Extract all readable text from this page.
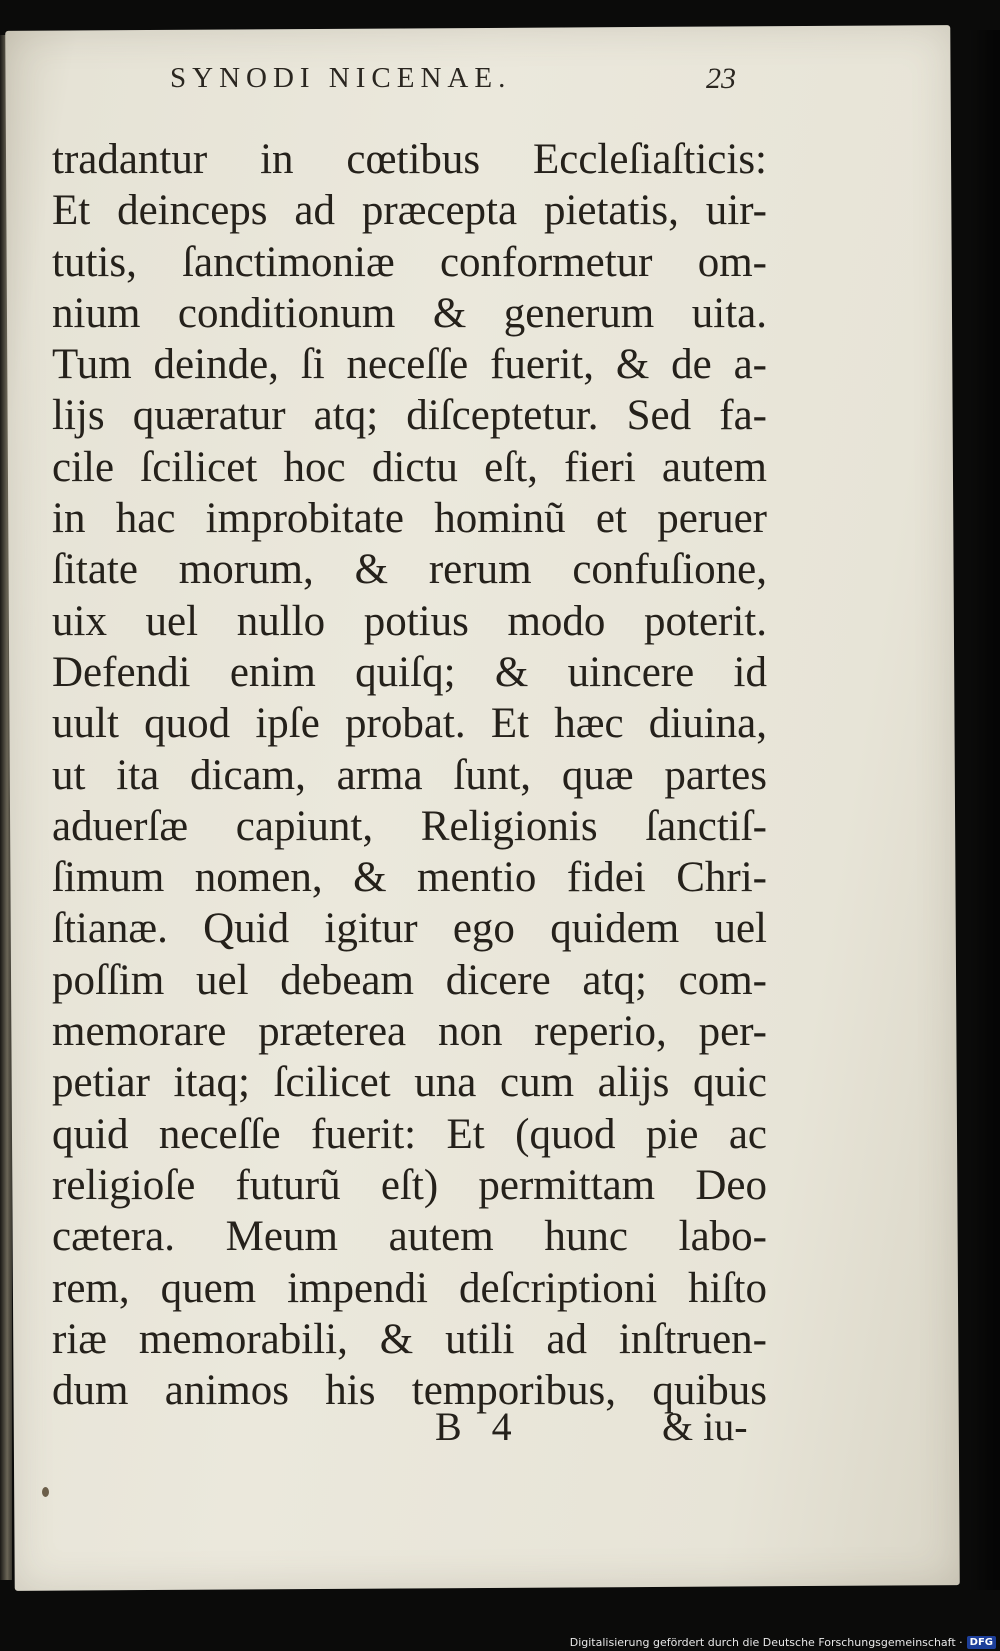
SYNODI NICENAE.	23
tradantur in cœtibus Eccleſiaſticis:
Et deinceps ad præcepta pietatis, uir-
tutis, ſanctimoniæ conformetur om-
nium conditionum & generum uita.
Tum deinde, ſi neceſſe fuerit, & de a-
lijs quæratur atq; diſceptetur. Sed fa-
cile ſcilicet hoc dictu eſt, fieri autem
in hac improbitate hominũ et peruer
ſitate morum, & rerum confuſione,
uix uel nullo potius modo poterit.
Defendi enim quiſq; & uincere id
uult quod ipſe probat. Et hæc diuina,
ut ita dicam, arma ſunt, quæ partes
aduerſæ capiunt, Religionis ſanctiſ-
ſimum nomen, & mentio fidei Chri-
ſtianæ. Quid igitur ego quidem uel
poſſim uel debeam dicere atq; com-
memorare præterea non reperio, per-
petiar itaq; ſcilicet una cum alijs quic
quid neceſſe fuerit: Et (quod pie ac
religioſe futurũ eſt) permittam Deo
cætera. Meum autem hunc labo-
rem, quem impendi deſcriptioni hiſto
riæ memorabili, & utili ad inſtruen-
dum animos his temporibus, quibus
B 4	& iu-
Digitalisierung gefördert durch die Deutsche Forschungsgemeinschaft · DFG
